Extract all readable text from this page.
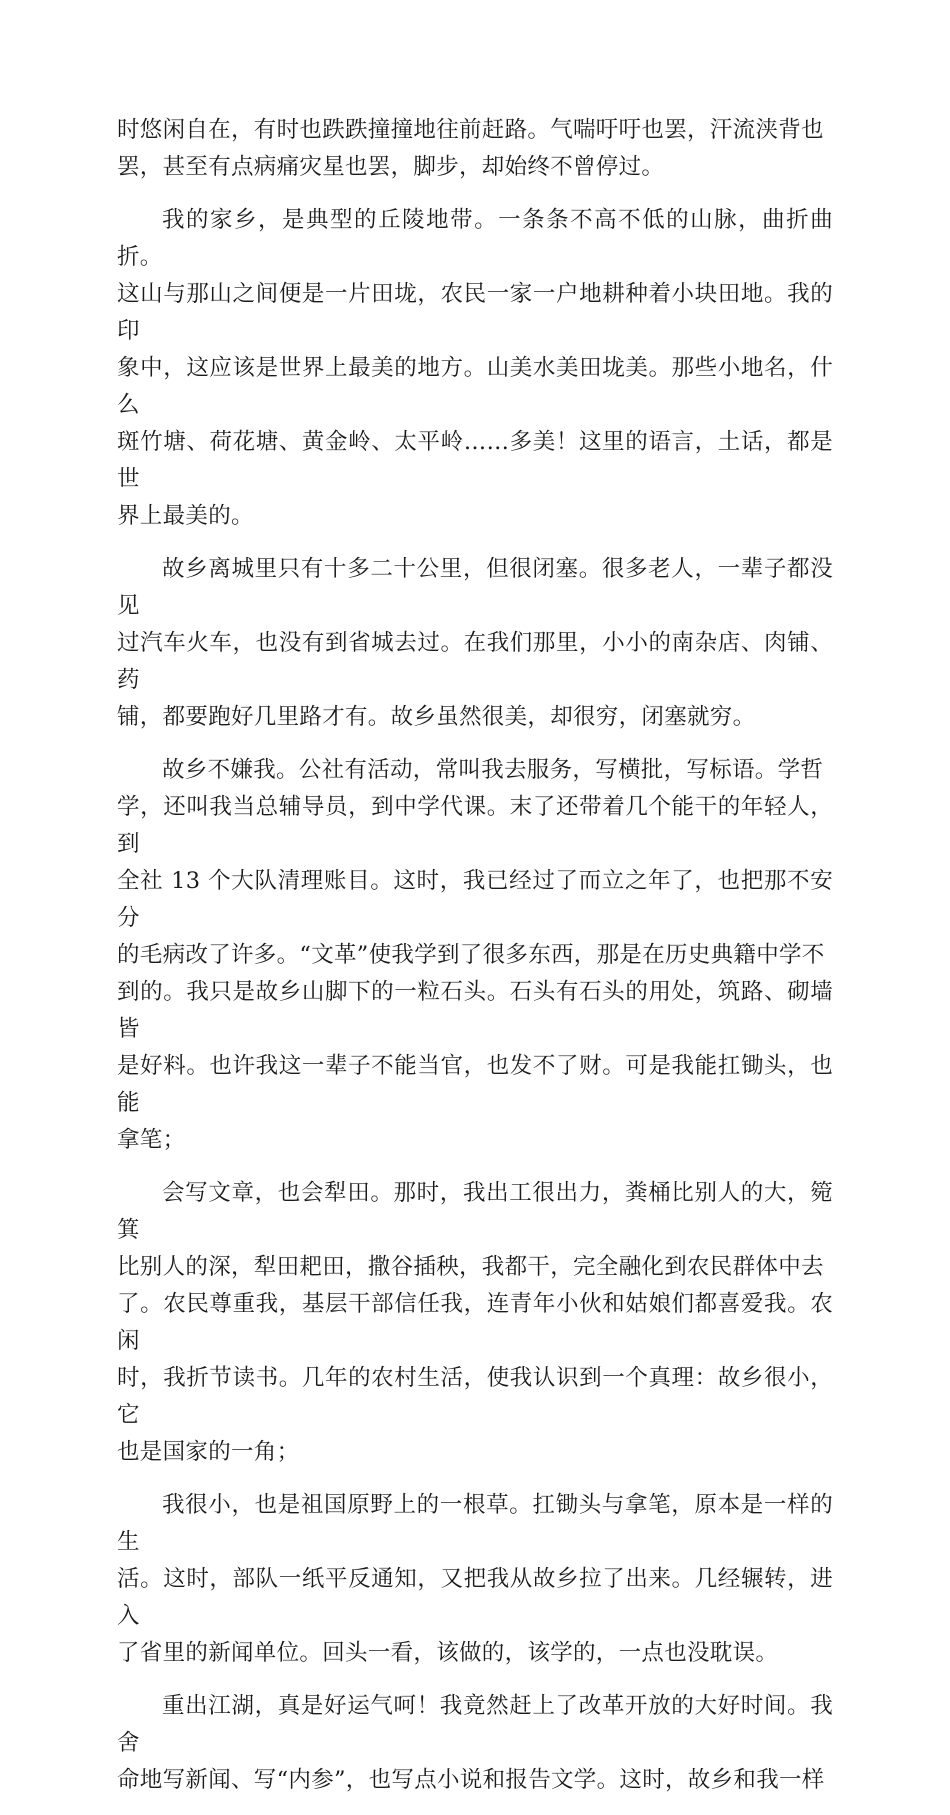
时悠闲自在，有时也跌跌撞撞地往前赶路。气喘吁吁也罢，汗流浃背也
罢，甚至有点病痛灾星也罢，脚步，却始终不曾停过。

我的家乡，是典型的丘陵地带。一条条不高不低的山脉，曲折曲折。
这山与那山之间便是一片田垅，农民一家一户地耕种着小块田地。我的印
象中，这应该是世界上最美的地方。山美水美田垅美。那些小地名，什么
斑竹塘、荷花塘、黄金岭、太平岭……多美！这里的语言，土话，都是世
界上最美的。

故乡离城里只有十多二十公里，但很闭塞。很多老人，一辈子都没见
过汽车火车，也没有到省城去过。在我们那里，小小的南杂店、肉铺、药
铺，都要跑好几里路才有。故乡虽然很美，却很穷，闭塞就穷。

故乡不嫌我。公社有活动，常叫我去服务，写横批，写标语。学哲
学，还叫我当总辅导员，到中学代课。末了还带着几个能干的年轻人，到
全社 13 个大队清理账目。这时，我已经过了而立之年了，也把那不安分
的毛病改了许多。“文革”使我学到了很多东西，那是在历史典籍中学不
到的。我只是故乡山脚下的一粒石头。石头有石头的用处，筑路、砌墙皆
是好料。也许我这一辈子不能当官，也发不了财。可是我能扛锄头，也能
拿笔；

会写文章，也会犁田。那时，我出工很出力，粪桶比别人的大，箢箕
比别人的深，犁田耙田，撒谷插秧，我都干，完全融化到农民群体中去
了。农民尊重我，基层干部信任我，连青年小伙和姑娘们都喜爱我。农闲
时，我折节读书。几年的农村生活，使我认识到一个真理：故乡很小，它
也是国家的一角；

我很小，也是祖国原野上的一根草。扛锄头与拿笔，原本是一样的生
活。这时，部队一纸平反通知，又把我从故乡拉了出来。几经辗转，进入
了省里的新闻单位。回头一看，该做的，该学的，一点也没耽误。

重出江湖，真是好运气呵！我竟然赶上了改革开放的大好时间。我舍
命地写新闻、写“内参”，也写点小说和报告文学。这时，故乡和我一样
